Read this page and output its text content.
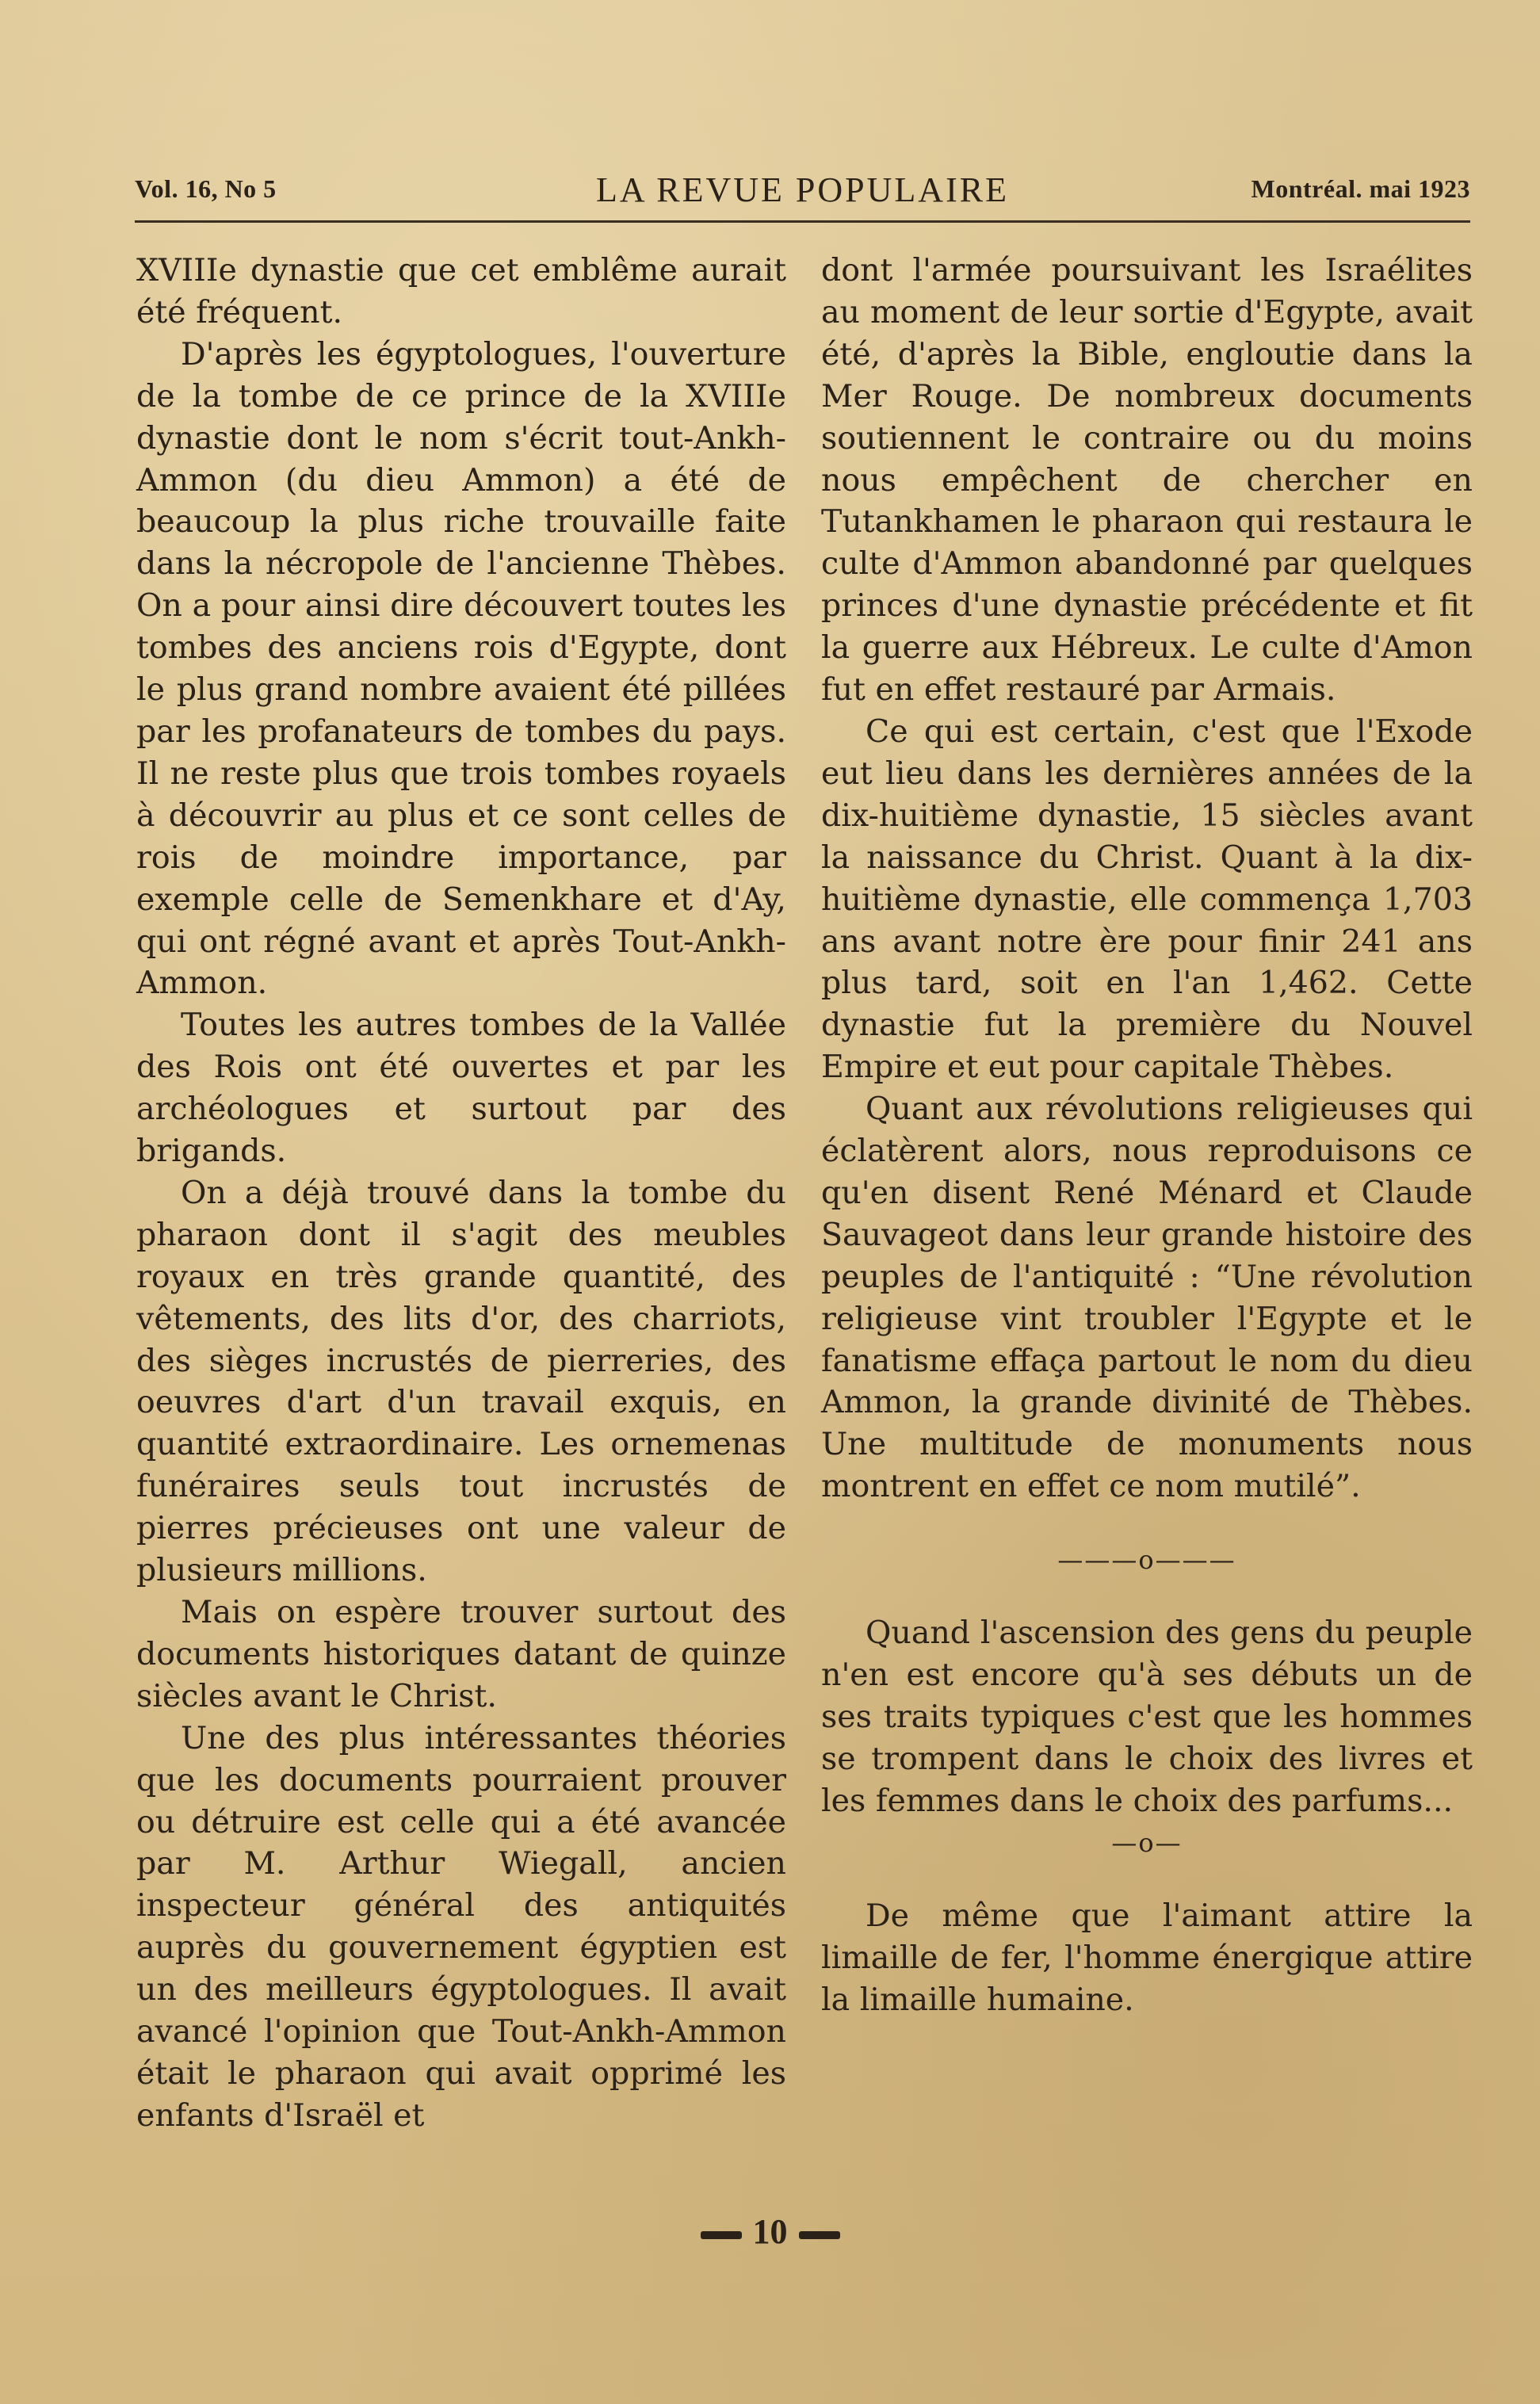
Vol. 16, No 5	LA REVUE POPULAIRE	Montréal. mai 1923

XVIIIe dynastie que cet emblême aurait été fréquent.

D'après les égyptologues, l'ouverture de la tombe de ce prince de la XVIIIe dynastie dont le nom s'écrit tout-Ankh-Ammon (du dieu Ammon) a été de beaucoup la plus riche trouvaille faite dans la nécropole de l'ancienne Thèbes. On a pour ainsi dire découvert toutes les tombes des anciens rois d'Egypte, dont le plus grand nombre avaient été pillées par les profanateurs de tombes du pays. Il ne reste plus que trois tombes royaels à découvrir au plus et ce sont celles de rois de moindre importance, par exemple celle de Semenkhare et d'Ay, qui ont régné avant et après Tout-Ankh-Ammon.

Toutes les autres tombes de la Vallée des Rois ont été ouvertes et par les archéologues et surtout par des brigands.

On a déjà trouvé dans la tombe du pharaon dont il s'agit des meubles royaux en très grande quantité, des vêtements, des lits d'or, des charriots, des sièges incrustés de pierreries, des oeuvres d'art d'un travail exquis, en quantité extraordinaire. Les ornemenas funéraires seuls tout incrustés de pierres précieuses ont une valeur de plusieurs millions.

Mais on espère trouver surtout des documents historiques datant de quinze siècles avant le Christ.

Une des plus intéressantes théories que les documents pourraient prouver ou détruire est celle qui a été avancée par M. Arthur Wiegall, ancien inspecteur général des antiquités auprès du gouvernement égyptien est un des meilleurs égyptologues. Il avait avancé l'opinion que Tout-Ankh-Ammon était le pharaon qui avait opprimé les enfants d'Israël et

dont l'armée poursuivant les Israélites au moment de leur sortie d'Egypte, avait été, d'après la Bible, engloutie dans la Mer Rouge. De nombreux documents soutiennent le contraire ou du moins nous empêchent de chercher en Tutankhamen le pharaon qui restaura le culte d'Ammon abandonné par quelques princes d'une dynastie précédente et fit la guerre aux Hébreux. Le culte d'Amon fut en effet restauré par Armais.

Ce qui est certain, c'est que l'Exode eut lieu dans les dernières années de la dix-huitième dynastie, 15 siècles avant la naissance du Christ. Quant à la dix-huitième dynastie, elle commença 1,703 ans avant notre ère pour finir 241 ans plus tard, soit en l'an 1,462. Cette dynastie fut la première du Nouvel Empire et eut pour capitale Thèbes.

Quant aux révolutions religieuses qui éclatèrent alors, nous reproduisons ce qu'en disent René Ménard et Claude Sauvageot dans leur grande histoire des peuples de l'antiquité : “Une révolution religieuse vint troubler l'Egypte et le fanatisme effaça partout le nom du dieu Ammon, la grande divinité de Thèbes. Une multitude de monuments nous montrent en effet ce nom mutilé”.

———o———

Quand l'ascension des gens du peuple n'en est encore qu'à ses débuts un de ses traits typiques c'est que les hommes se trompent dans le choix des livres et les femmes dans le choix des parfums...

—o—

De même que l'aimant attire la limaille de fer, l'homme énergique attire la limaille humaine.

10
